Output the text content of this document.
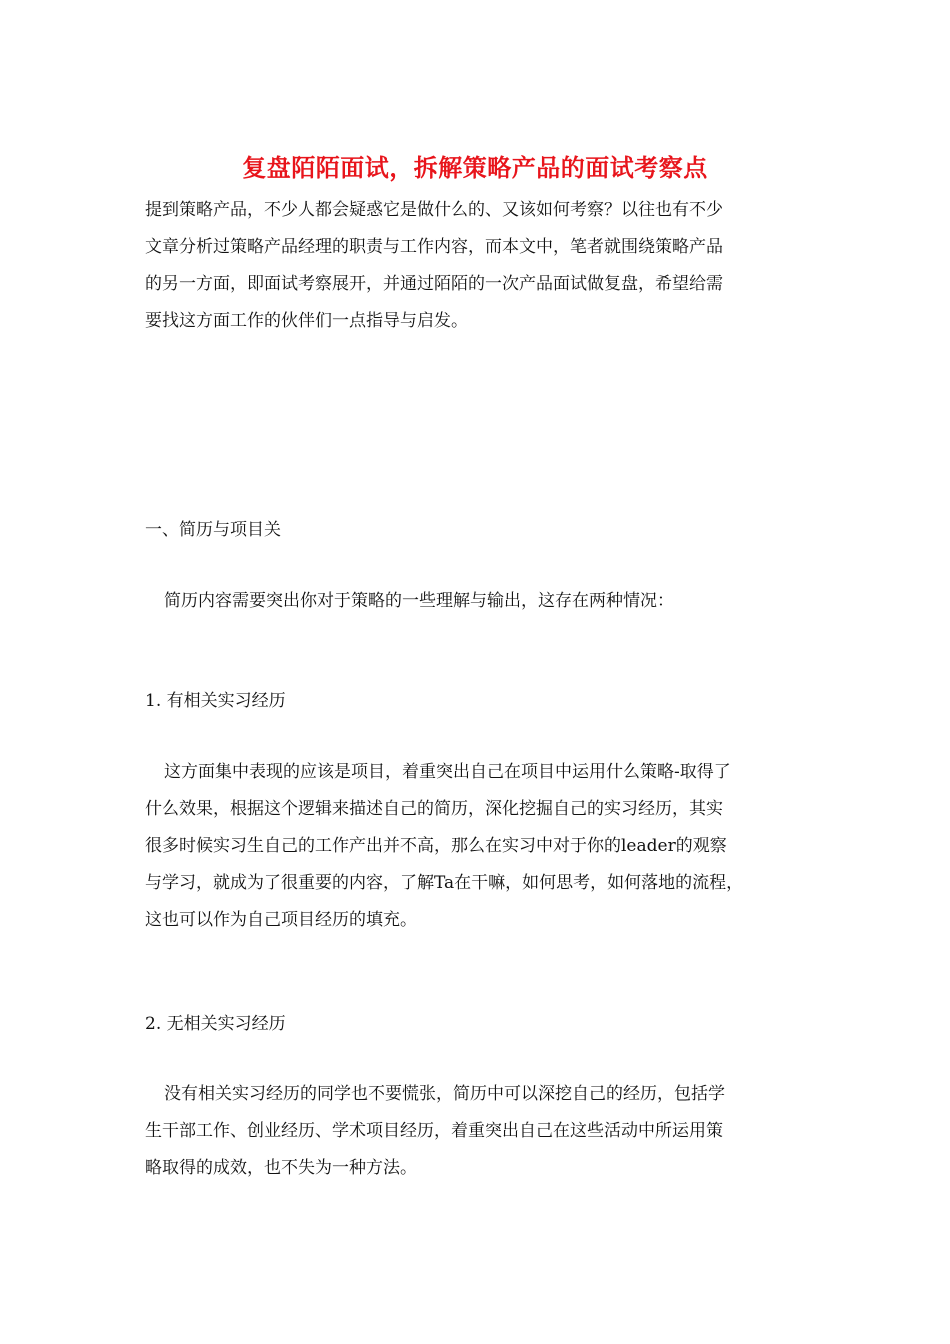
复盘陌陌面试，拆解策略产品的面试考察点
提到策略产品，不少人都会疑惑它是做什么的、又该如何考察？以往也有不少
文章分析过策略产品经理的职责与工作内容，而本文中，笔者就围绕策略产品
的另一方面，即面试考察展开，并通过陌陌的一次产品面试做复盘，希望给需
要找这方面工作的伙伴们一点指导与启发。
一、简历与项目关
简历内容需要突出你对于策略的一些理解与输出，这存在两种情况：
1. 有相关实习经历
这方面集中表现的应该是项目，着重突出自己在项目中运用什么策略-取得了
什么效果，根据这个逻辑来描述自己的简历，深化挖掘自己的实习经历，其实
很多时候实习生自己的工作产出并不高，那么在实习中对于你的leader的观察
与学习，就成为了很重要的内容，了解Ta在干嘛，如何思考，如何落地的流程，
这也可以作为自己项目经历的填充。
2. 无相关实习经历
没有相关实习经历的同学也不要慌张，简历中可以深挖自己的经历，包括学
生干部工作、创业经历、学术项目经历，着重突出自己在这些活动中所运用策
略取得的成效，也不失为一种方法。
